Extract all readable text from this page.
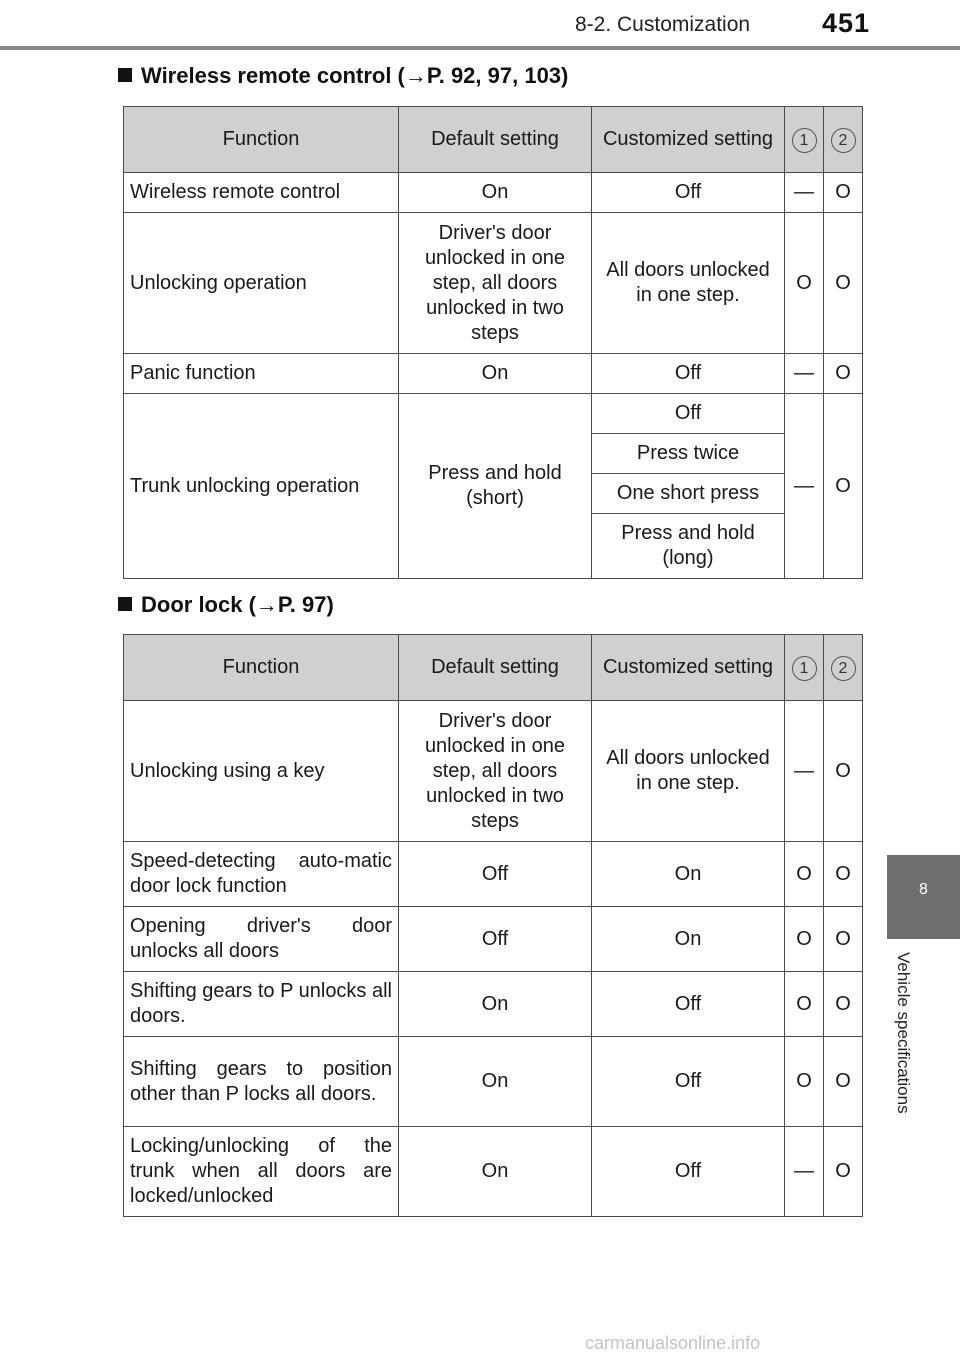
8-2. Customization	451
8
Vehicle specifications
Wireless remote control (→P. 92, 97, 103)
Function	Default setting	Customized setting	1	2
Wireless remote control	On	Off	—	O
Unlocking operation	Driver's door unlocked in one step, all doors unlocked in two steps	All doors unlocked in one step.	O	O
Panic function	On	Off	—	O
Trunk unlocking operation	Press and hold (short)	Off	—	O
		Press twice		
		One short press		
		Press and hold (long)		
Door lock (→P. 97)
Function	Default setting	Customized setting	1	2
Unlocking using a key	Driver's door unlocked in one step, all doors unlocked in two steps	All doors unlocked in one step.	—	O
Speed-detecting auto-matic door lock function	Off	On	O	O
Opening driver's door unlocks all doors	Off	On	O	O
Shifting gears to P unlocks all doors.	On	Off	O	O
Shifting gears to position other than P locks all doors.	On	Off	O	O
Locking/unlocking of the trunk when all doors are locked/unlocked	On	Off	—	O
carmanualsonline.info
